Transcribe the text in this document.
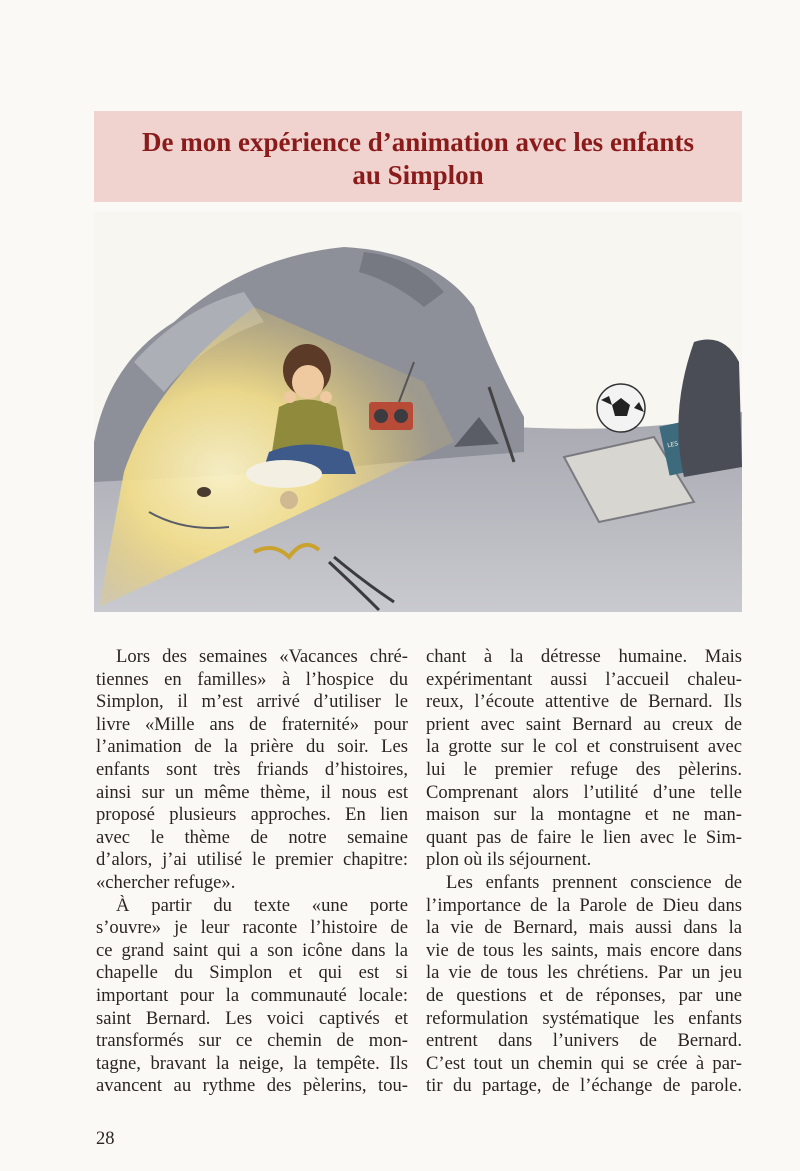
De mon expérience d’animation avec les enfants
au Simplon
LES
Lors des semaines «Vacances chré-
tiennes en familles» à l’hospice du
Simplon, il m’est arrivé d’utiliser le
livre «Mille ans de fraternité» pour
l’animation de la prière du soir. Les
enfants sont très friands d’histoires,
ainsi sur un même thème, il nous est
proposé plusieurs approches. En lien
avec le thème de notre semaine
d’alors, j’ai utilisé le premier chapitre:
«chercher refuge».
À partir du texte «une porte
s’ouvre» je leur raconte l’histoire de
ce grand saint qui a son icône dans la
chapelle du Simplon et qui est si
important pour la communauté locale:
saint Bernard. Les voici captivés et
transformés sur ce chemin de mon-
tagne, bravant la neige, la tempête. Ils
avancent au rythme des pèlerins, tou-
chant à la détresse humaine. Mais
expérimentant aussi l’accueil chaleu-
reux, l’écoute attentive de Bernard. Ils
prient avec saint Bernard au creux de
la grotte sur le col et construisent avec
lui le premier refuge des pèlerins.
Comprenant alors l’utilité d’une telle
maison sur la montagne et ne man-
quant pas de faire le lien avec le Sim-
plon où ils séjournent.
Les enfants prennent conscience de
l’importance de la Parole de Dieu dans
la vie de Bernard, mais aussi dans la
vie de tous les saints, mais encore dans
la vie de tous les chrétiens. Par un jeu
de questions et de réponses, par une
reformulation systématique les enfants
entrent dans l’univers de Bernard.
C’est tout un chemin qui se crée à par-
tir du partage, de l’échange de parole.
28
